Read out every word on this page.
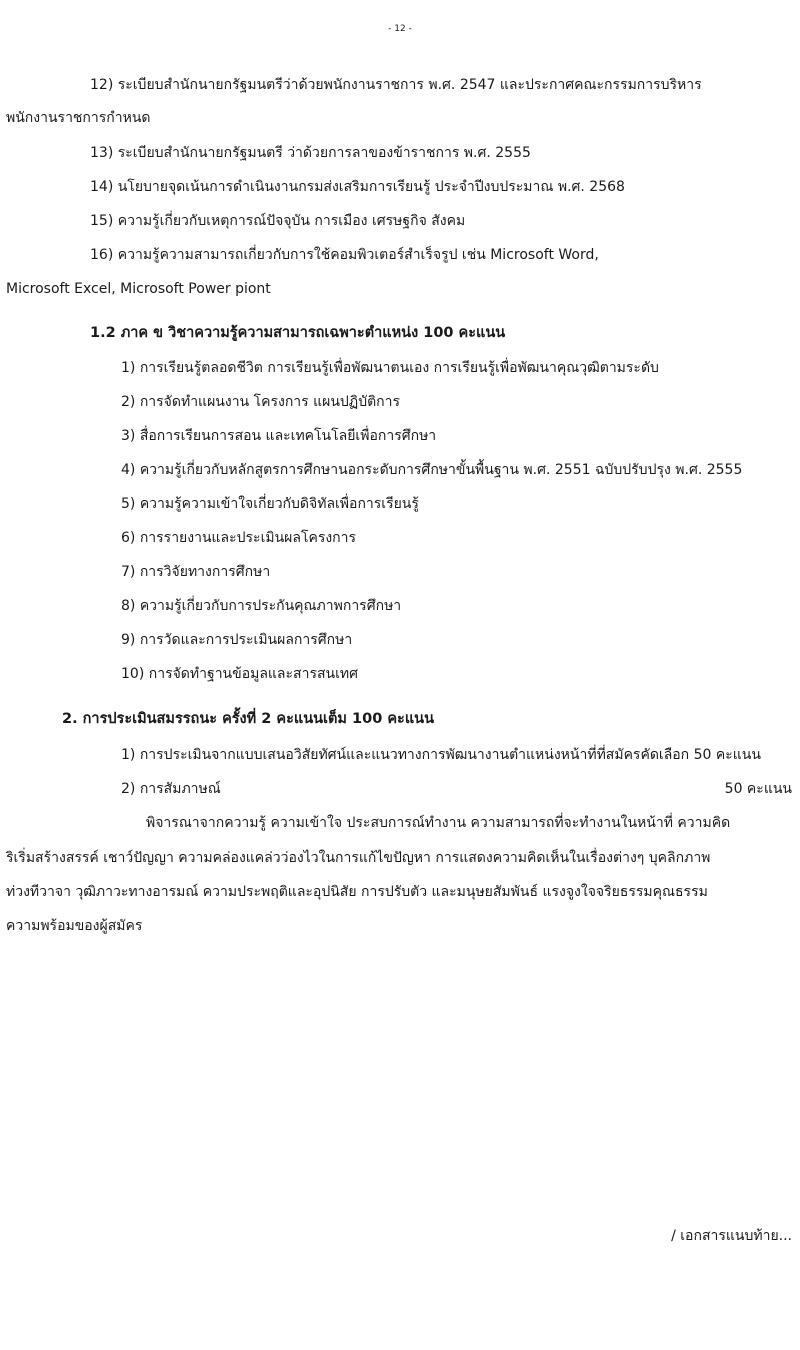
- 12 -
12) ระเบียบสำนักนายกรัฐมนตรีว่าด้วยพนักงานราชการ พ.ศ. 2547 และประกาศคณะกรรมการบริหาร
พนักงานราชการกำหนด
13) ระเบียบสำนักนายกรัฐมนตรี ว่าด้วยการลาของข้าราชการ พ.ศ. 2555
14) นโยบายจุดเน้นการดำเนินงานกรมส่งเสริมการเรียนรู้ ประจำปีงบประมาณ พ.ศ. 2568
15) ความรู้เกี่ยวกับเหตุการณ์ปัจจุบัน การเมือง เศรษฐกิจ สังคม
16) ความรู้ความสามารถเกี่ยวกับการใช้คอมพิวเตอร์สำเร็จรูป เช่น Microsoft Word,
Microsoft Excel, Microsoft Power piont
1.2 ภาค ข วิชาความรู้ความสามารถเฉพาะตำแหน่ง 100 คะแนน
1) การเรียนรู้ตลอดชีวิต การเรียนรู้เพื่อพัฒนาตนเอง การเรียนรู้เพื่อพัฒนาคุณวุฒิตามระดับ
2) การจัดทำแผนงาน โครงการ แผนปฏิบัติการ
3) สื่อการเรียนการสอน และเทคโนโลยีเพื่อการศึกษา
4) ความรู้เกี่ยวกับหลักสูตรการศึกษานอกระดับการศึกษาขั้นพื้นฐาน พ.ศ. 2551 ฉบับปรับปรุง พ.ศ. 2555
5) ความรู้ความเข้าใจเกี่ยวกับดิจิทัลเพื่อการเรียนรู้
6) การรายงานและประเมินผลโครงการ
7) การวิจัยทางการศึกษา
8) ความรู้เกี่ยวกับการประกันคุณภาพการศึกษา
9) การวัดและการประเมินผลการศึกษา
10) การจัดทำฐานข้อมูลและสารสนเทศ
2. การประเมินสมรรถนะ ครั้งที่ 2 คะแนนเต็ม 100 คะแนน
1) การประเมินจากแบบเสนอวิสัยทัศน์และแนวทางการพัฒนางานตำแหน่งหน้าที่ที่สมัครคัดเลือก 50 คะแนน
2) การสัมภาษณ์	50 คะแนน
พิจารณาจากความรู้ ความเข้าใจ ประสบการณ์ทำงาน ความสามารถที่จะทำงานในหน้าที่ ความคิด
ริเริ่มสร้างสรรค์ เชาว์ปัญญา ความคล่องแคล่วว่องไวในการแก้ไขปัญหา การแสดงความคิดเห็นในเรื่องต่างๆ บุคลิกภาพ
ท่วงทีวาจา วุฒิภาวะทางอารมณ์ ความประพฤติและอุปนิสัย การปรับตัว และมนุษยสัมพันธ์ แรงจูงใจจริยธรรมคุณธรรม
ความพร้อมของผู้สมัคร
/ เอกสารแนบท้าย...
